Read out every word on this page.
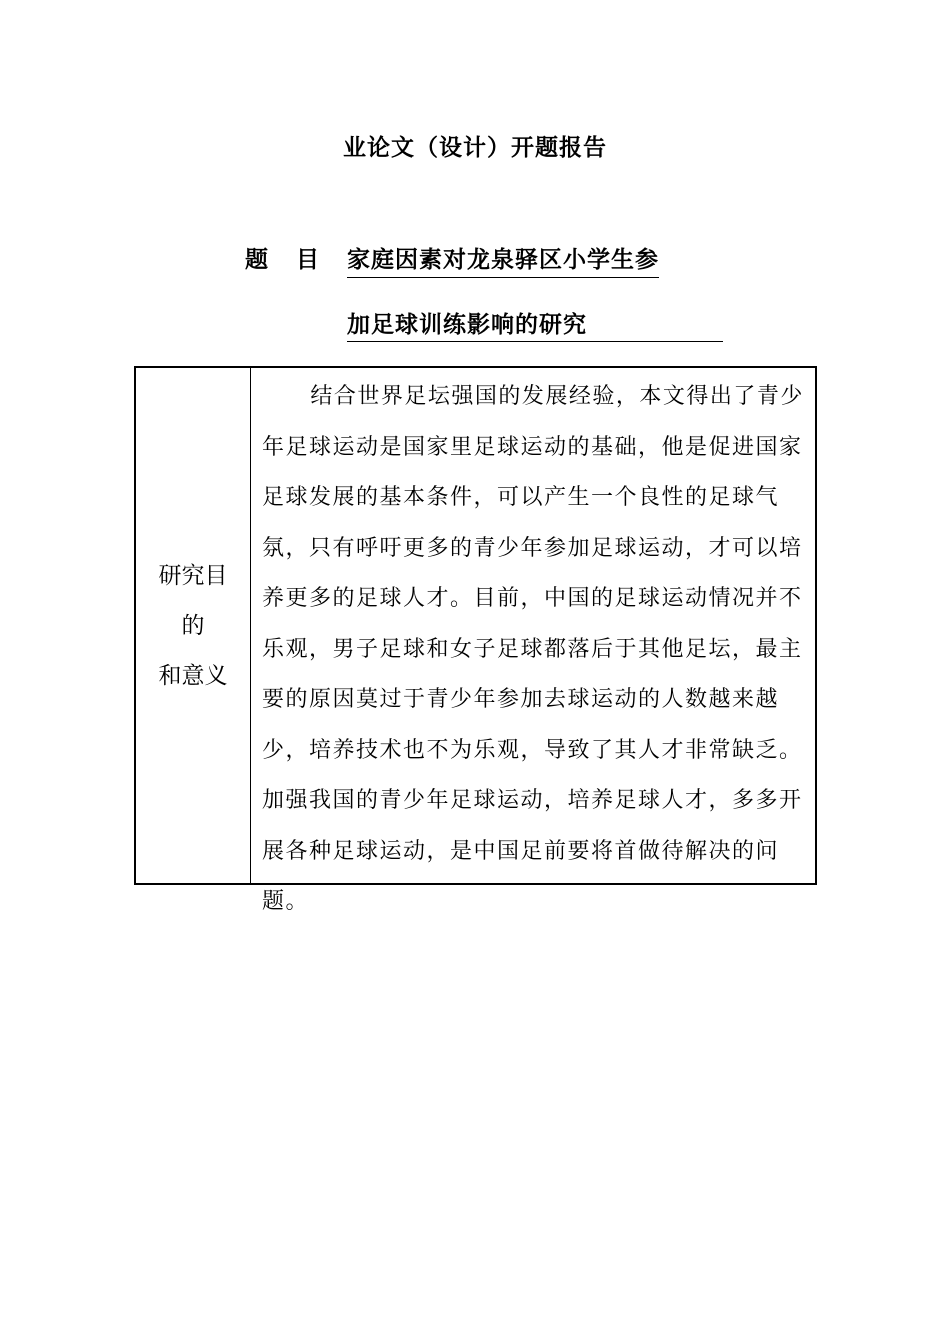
业论文（设计）开题报告
题目家庭因素对龙泉驿区小学生参
加足球训练影响的研究
研究目
的
和意义

结合世界足坛强国的发展经验，本文得出了青少年足球运动是国家里足球运动的基础，他是促进国家足球发展的基本条件，可以产生一个良性的足球气氛，只有呼吁更多的青少年参加足球运动，才可以培养更多的足球人才。目前，中国的足球运动情况并不乐观，男子足球和女子足球都落后于其他足坛，最主要的原因莫过于青少年参加去球运动的人数越来越少，培养技术也不为乐观，导致了其人才非常缺乏。加强我国的青少年足球运动，培养足球人才，多多开展各种足球运动，是中国足前要将首做待解决的问题。
